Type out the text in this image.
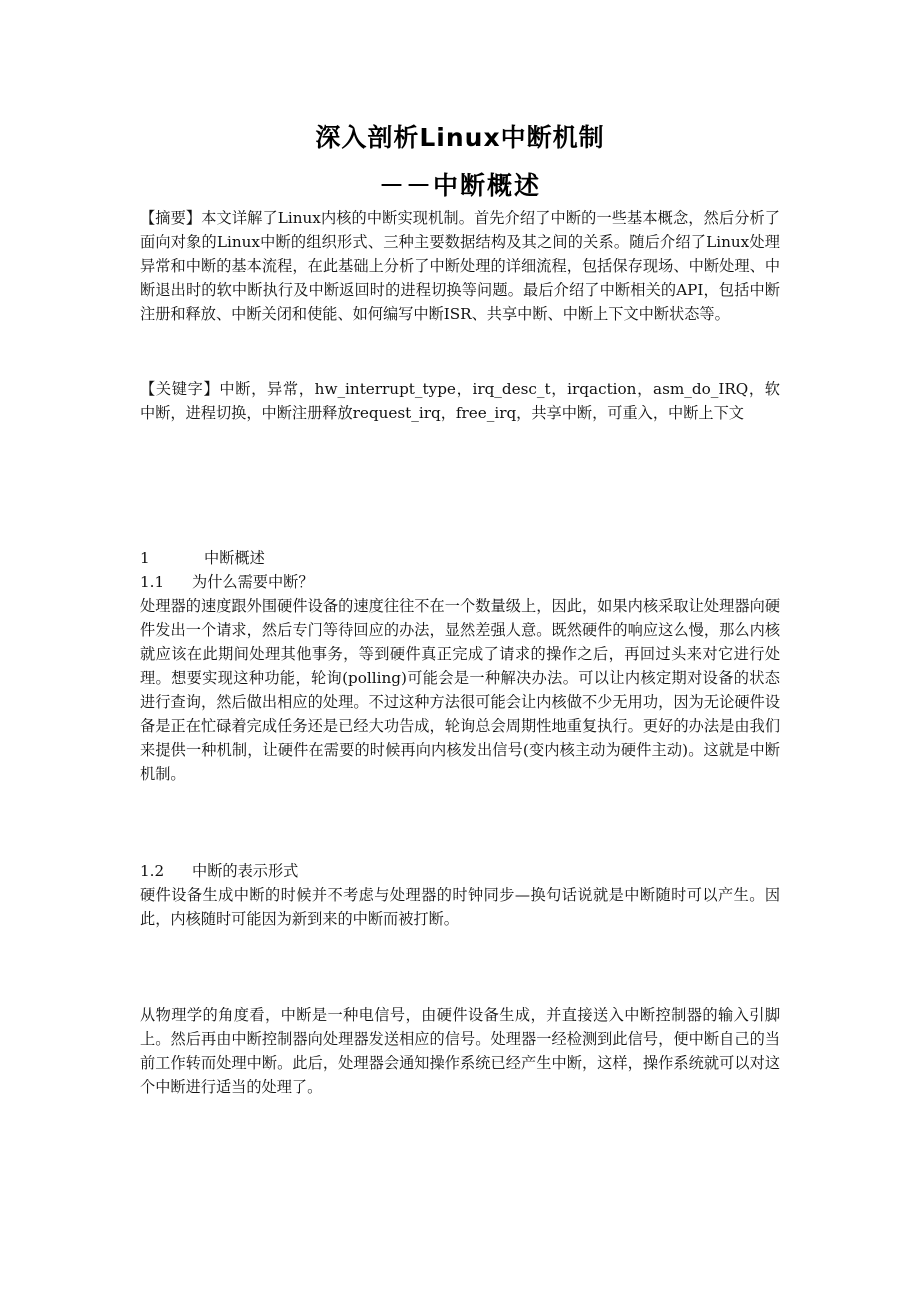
深入剖析Linux中断机制
－－中断概述
【摘要】本文详解了Linux内核的中断实现机制。首先介绍了中断的一些基本概念，然后分析了面向对象的Linux中断的组织形式、三种主要数据结构及其之间的关系。随后介绍了Linux处理异常和中断的基本流程，在此基础上分析了中断处理的详细流程，包括保存现场、中断处理、中断退出时的软中断执行及中断返回时的进程切换等问题。最后介绍了中断相关的API，包括中断注册和释放、中断关闭和使能、如何编写中断ISR、共享中断、中断上下文中断状态等。
【关键字】中断，异常，hw_interrupt_type，irq_desc_t，irqaction，asm_do_IRQ，软中断，进程切换，中断注册释放request_irq，free_irq，共享中断，可重入，中断上下文
1	中断概述
1.1 为什么需要中断？
处理器的速度跟外围硬件设备的速度往往不在一个数量级上，因此，如果内核采取让处理器向硬件发出一个请求，然后专门等待回应的办法，显然差强人意。既然硬件的响应这么慢，那么内核就应该在此期间处理其他事务，等到硬件真正完成了请求的操作之后，再回过头来对它进行处理。想要实现这种功能，轮询(polling)可能会是一种解决办法。可以让内核定期对设备的状态进行查询，然后做出相应的处理。不过这种方法很可能会让内核做不少无用功，因为无论硬件设备是正在忙碌着完成任务还是已经大功告成，轮询总会周期性地重复执行。更好的办法是由我们来提供一种机制，让硬件在需要的时候再向内核发出信号(变内核主动为硬件主动)。这就是中断机制。
1.2 中断的表示形式
硬件设备生成中断的时候并不考虑与处理器的时钟同步—换句话说就是中断随时可以产生。因此，内核随时可能因为新到来的中断而被打断。
从物理学的角度看，中断是一种电信号，由硬件设备生成，并直接送入中断控制器的输入引脚上。然后再由中断控制器向处理器发送相应的信号。处理器一经检测到此信号，便中断自己的当前工作转而处理中断。此后，处理器会通知操作系统已经产生中断，这样，操作系统就可以对这个中断进行适当的处理了。
